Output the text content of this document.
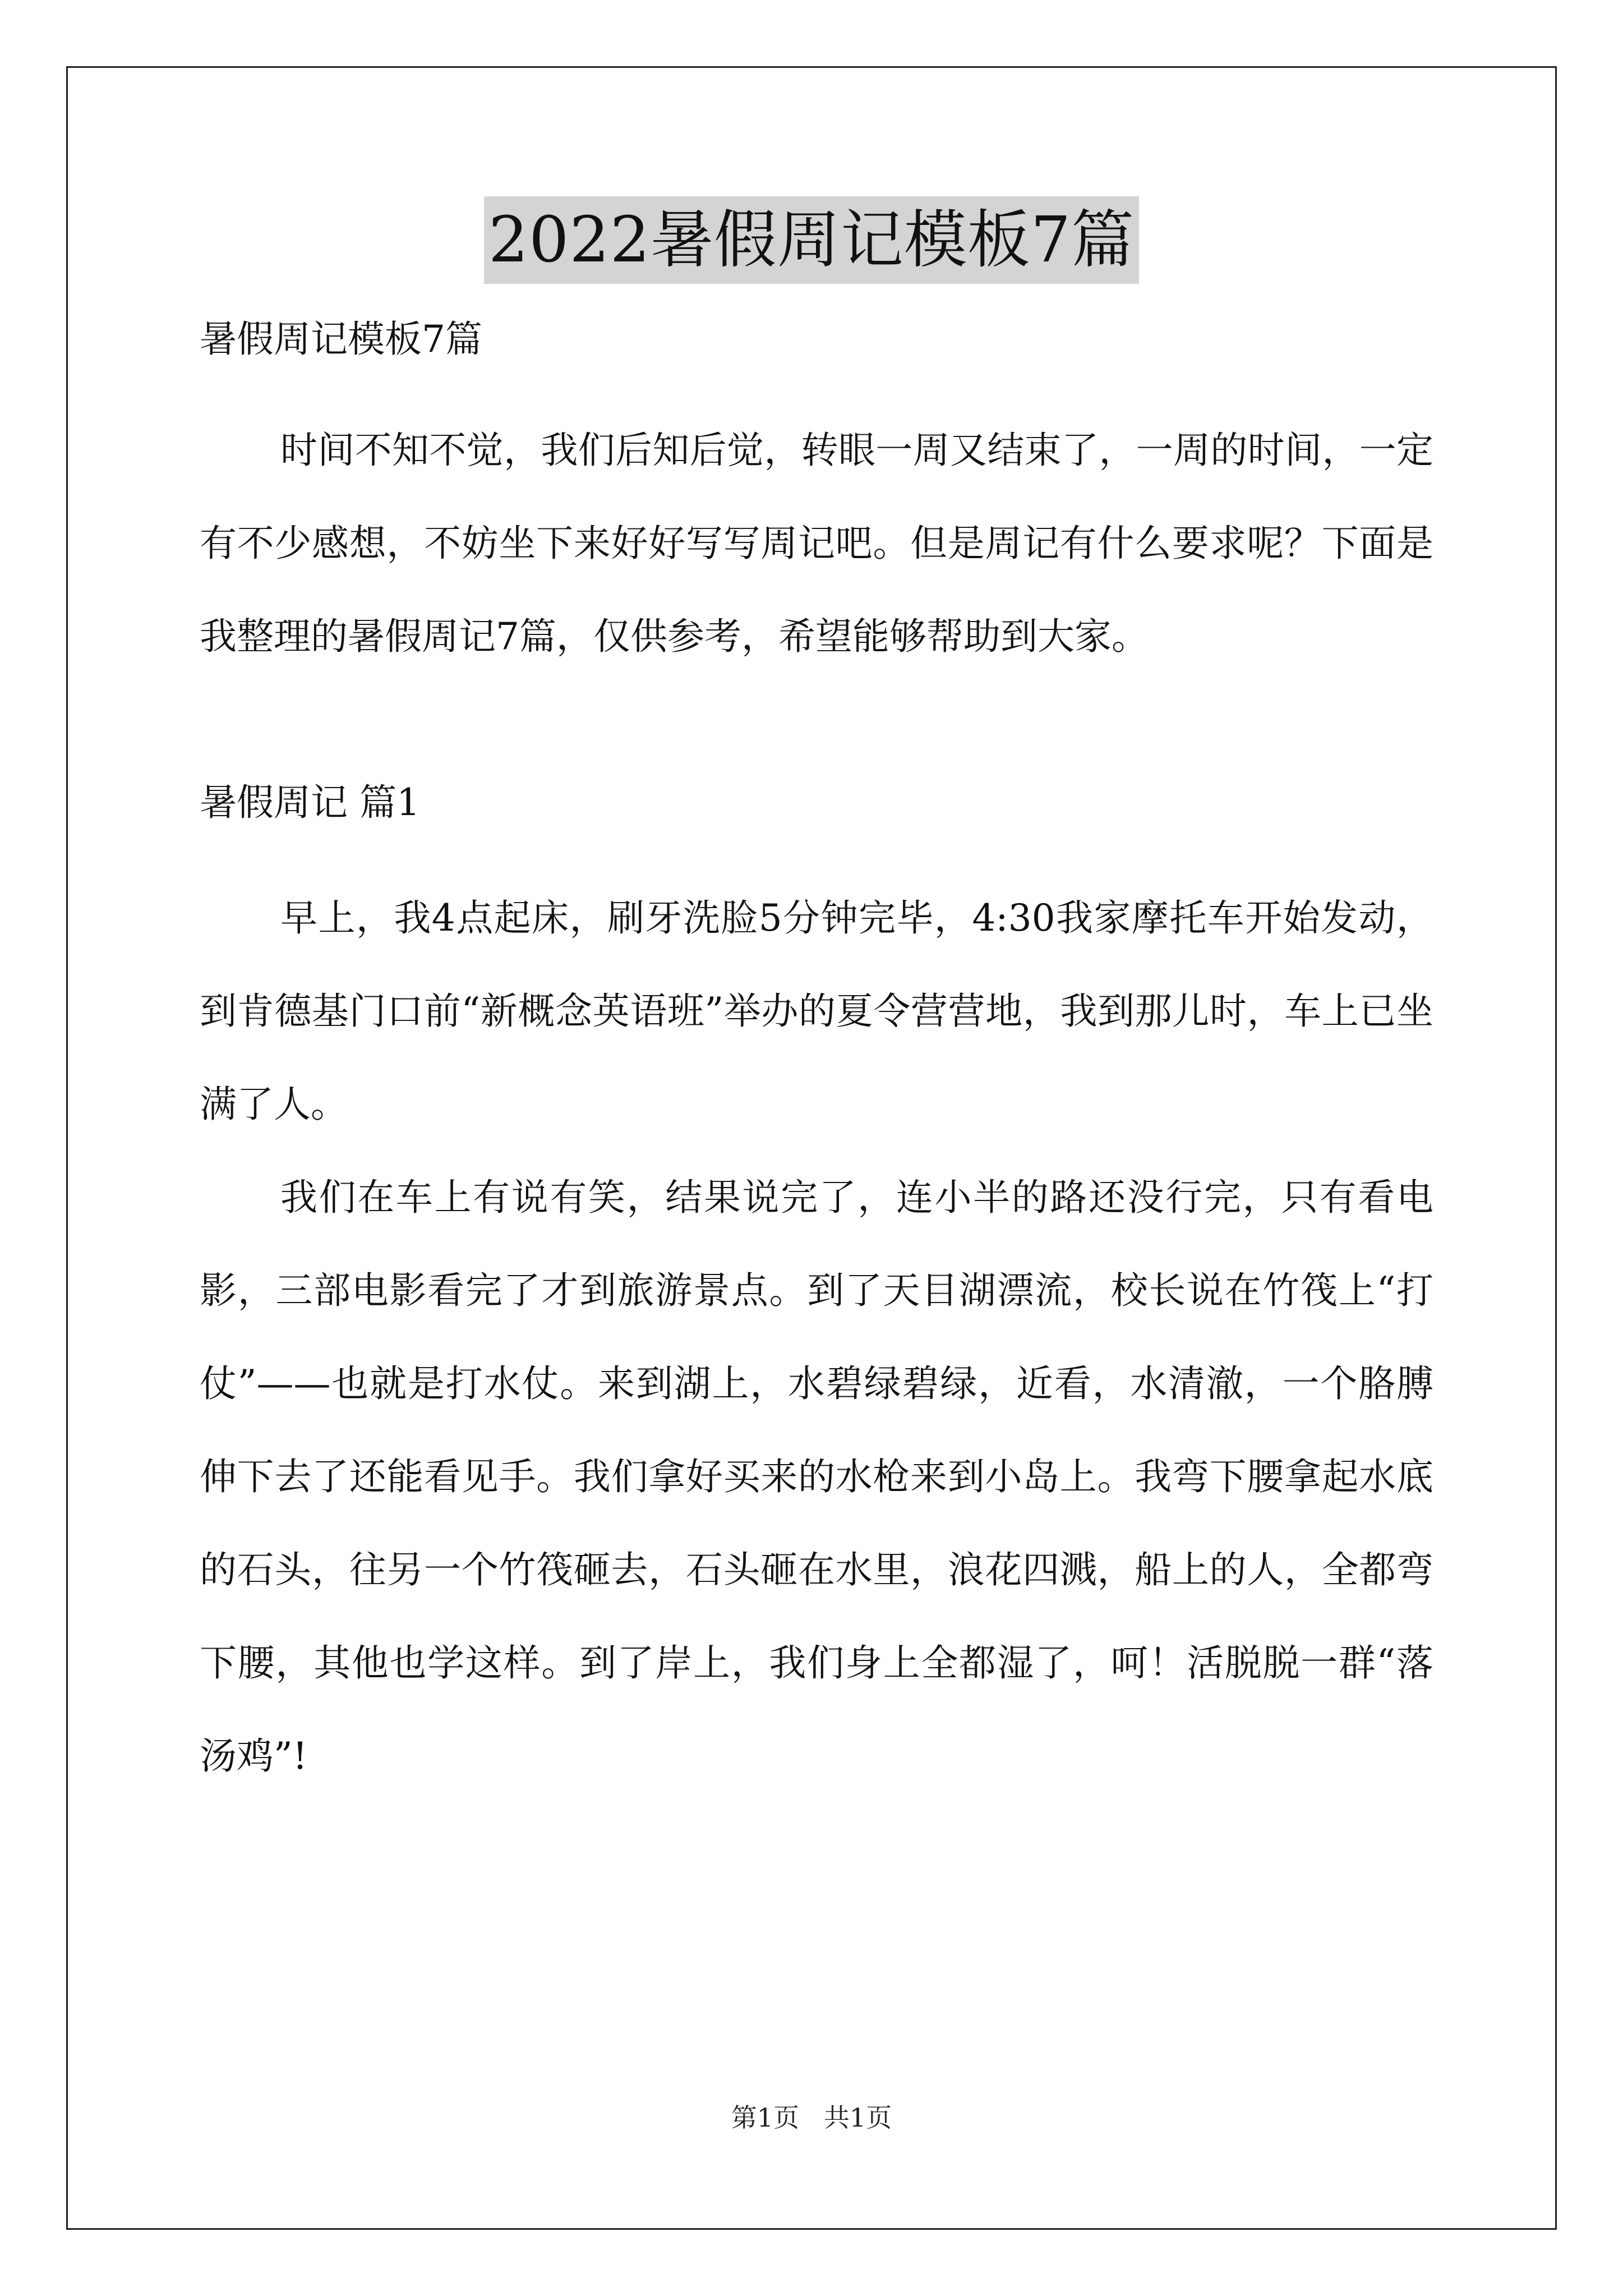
2022暑假周记模板7篇

暑假周记模板7篇

时间不知不觉，我们后知后觉，转眼一周又结束了，一周的时间，一定有不少感想，不妨坐下来好好写写周记吧。但是周记有什么要求呢？下面是我整理的暑假周记7篇，仅供参考，希望能够帮助到大家。

暑假周记 篇1

早上，我4点起床，刷牙洗脸5分钟完毕，4:30我家摩托车开始发动，到肯德基门口前“新概念英语班”举办的夏令营营地，我到那儿时，车上已坐满了人。

我们在车上有说有笑，结果说完了，连小半的路还没行完，只有看电影，三部电影看完了才到旅游景点。到了天目湖漂流，校长说在竹筏上“打仗”——也就是打水仗。来到湖上，水碧绿碧绿，近看，水清澈，一个胳膊伸下去了还能看见手。我们拿好买来的水枪来到小岛上。我弯下腰拿起水底的石头，往另一个竹筏砸去，石头砸在水里，浪花四溅，船上的人，全都弯下腰，其他也学这样。到了岸上，我们身上全都湿了，呵！活脱脱一群“落汤鸡”!

第1页   共1页
